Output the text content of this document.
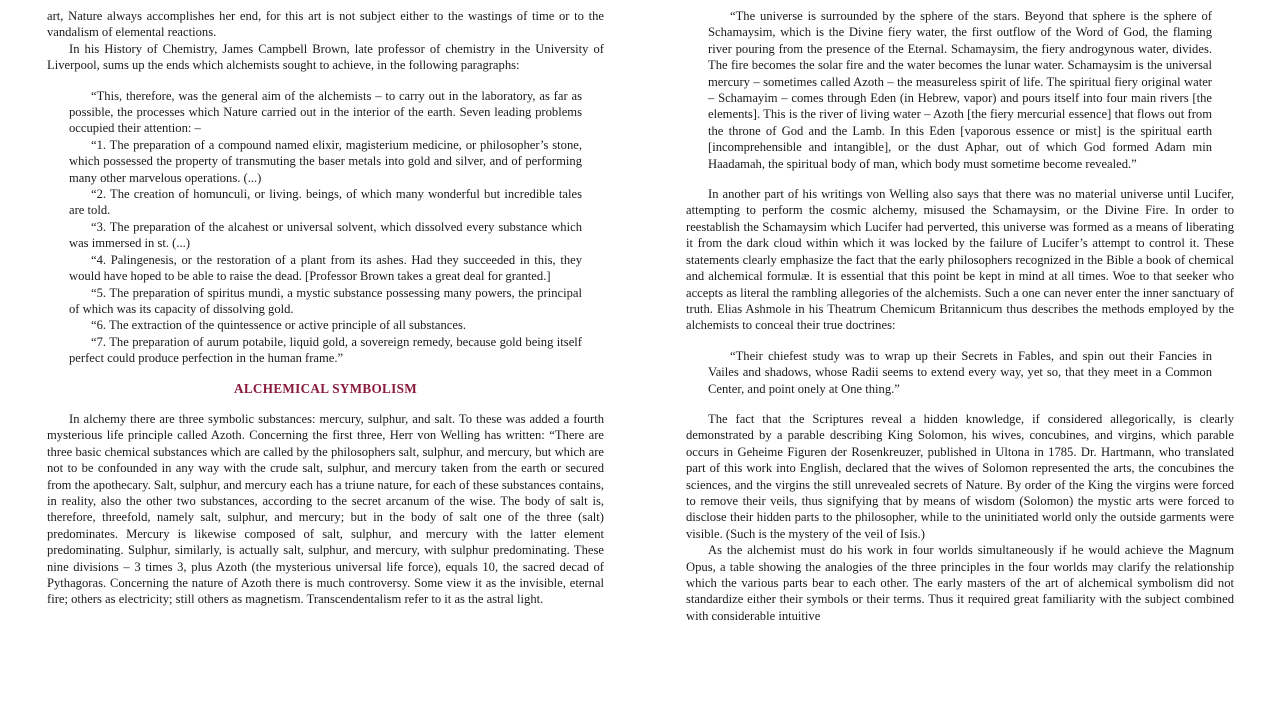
art, Nature always accomplishes her end, for this art is not subject either to the wastings of time or to the vandalism of elemental reactions.

In his History of Chemistry, James Campbell Brown, late professor of chemistry in the University of Liverpool, sums up the ends which alchemists sought to achieve, in the following paragraphs:

“This, therefore, was the general aim of the alchemists – to carry out in the laboratory, as far as possible, the processes which Nature carried out in the interior of the earth. Seven leading problems occupied their attention: –

“1. The preparation of a compound named elixir, magisterium medicine, or philosopher’s stone, which possessed the property of transmuting the baser metals into gold and silver, and of performing many other marvelous operations. (...)

“2. The creation of homunculi, or living. beings, of which many wonderful but incredible tales are told.

“3. The preparation of the alcahest or universal solvent, which dissolved every substance which was immersed in st. (...)

“4. Palingenesis, or the restoration of a plant from its ashes. Had they succeeded in this, they would have hoped to be able to raise the dead. [Professor Brown takes a great deal for granted.]

“5. The preparation of spiritus mundi, a mystic substance possessing many powers, the principal of which was its capacity of dissolving gold.

“6. The extraction of the quintessence or active principle of all substances.

“7. The preparation of aurum potabile, liquid gold, a sovereign remedy, because gold being itself perfect could produce perfection in the human frame.”

ALCHEMICAL SYMBOLISM

In alchemy there are three symbolic substances: mercury, sulphur, and salt. To these was added a fourth mysterious life principle called Azoth. Concerning the first three, Herr von Welling has written: “There are three basic chemical substances which are called by the philosophers salt, sulphur, and mercury, but which are not to be confounded in any way with the crude salt, sulphur, and mercury taken from the earth or secured from the apothecary. Salt, sulphur, and mercury each has a triune nature, for each of these substances contains, in reality, also the other two substances, according to the secret arcanum of the wise. The body of salt is, therefore, threefold, namely salt, sulphur, and mercury; but in the body of salt one of the three (salt) predominates. Mercury is likewise composed of salt, sulphur, and mercury with the latter element predominating. Sulphur, similarly, is actually salt, sulphur, and mercury, with sulphur predominating. These nine divisions – 3 times 3, plus Azoth (the mysterious universal life force), equals 10, the sacred decad of Pythagoras. Concerning the nature of Azoth there is much controversy. Some view it as the invisible, eternal fire; others as electricity; still others as magnetism. Transcendentalism refer to it as the astral light.

“The universe is surrounded by the sphere of the stars. Beyond that sphere is the sphere of Schamaysim, which is the Divine fiery water, the first outflow of the Word of God, the flaming river pouring from the presence of the Eternal. Schamaysim, the fiery androgynous water, divides. The fire becomes the solar fire and the water becomes the lunar water. Schamaysim is the universal mercury – sometimes called Azoth – the measureless spirit of life. The spiritual fiery original water – Schamayim – comes through Eden (in Hebrew, vapor) and pours itself into four main rivers [the elements]. This is the river of living water – Azoth [the fiery mercurial essence] that flows out from the throne of God and the Lamb. In this Eden [vaporous essence or mist] is the spiritual earth [incomprehensible and intangible], or the dust Aphar, out of which God formed Adam min Haadamah, the spiritual body of man, which body must sometime become revealed.”

In another part of his writings von Welling also says that there was no material universe until Lucifer, attempting to perform the cosmic alchemy, misused the Schamaysim, or the Divine Fire. In order to reestablish the Schamaysim which Lucifer had perverted, this universe was formed as a means of liberating it from the dark cloud within which it was locked by the failure of Lucifer’s attempt to control it. These statements clearly emphasize the fact that the early philosophers recognized in the Bible a book of chemical and alchemical formulæ. It is essential that this point be kept in mind at all times. Woe to that seeker who accepts as literal the rambling allegories of the alchemists. Such a one can never enter the inner sanctuary of truth. Elias Ashmole in his Theatrum Chemicum Britannicum thus describes the methods employed by the alchemists to conceal their true doctrines:

“Their chiefest study was to wrap up their Secrets in Fables, and spin out their Fancies in Vailes and shadows, whose Radii seems to extend every way, yet so, that they meet in a Common Center, and point onely at One thing.”

The fact that the Scriptures reveal a hidden knowledge, if considered allegorically, is clearly demonstrated by a parable describing King Solomon, his wives, concubines, and virgins, which parable occurs in Geheime Figuren der Rosenkreuzer, published in Ultona in 1785. Dr. Hartmann, who translated part of this work into English, declared that the wives of Solomon represented the arts, the concubines the sciences, and the virgins the still unrevealed secrets of Nature. By order of the King the virgins were forced to remove their veils, thus signifying that by means of wisdom (Solomon) the mystic arts were forced to disclose their hidden parts to the philosopher, while to the uninitiated world only the outside garments were visible. (Such is the mystery of the veil of Isis.)

As the alchemist must do his work in four worlds simultaneously if he would achieve the Magnum Opus, a table showing the analogies of the three principles in the four worlds may clarify the relationship which the various parts bear to each other. The early masters of the art of alchemical symbolism did not standardize either their symbols or their terms. Thus it required great familiarity with the subject combined with considerable intuitive
